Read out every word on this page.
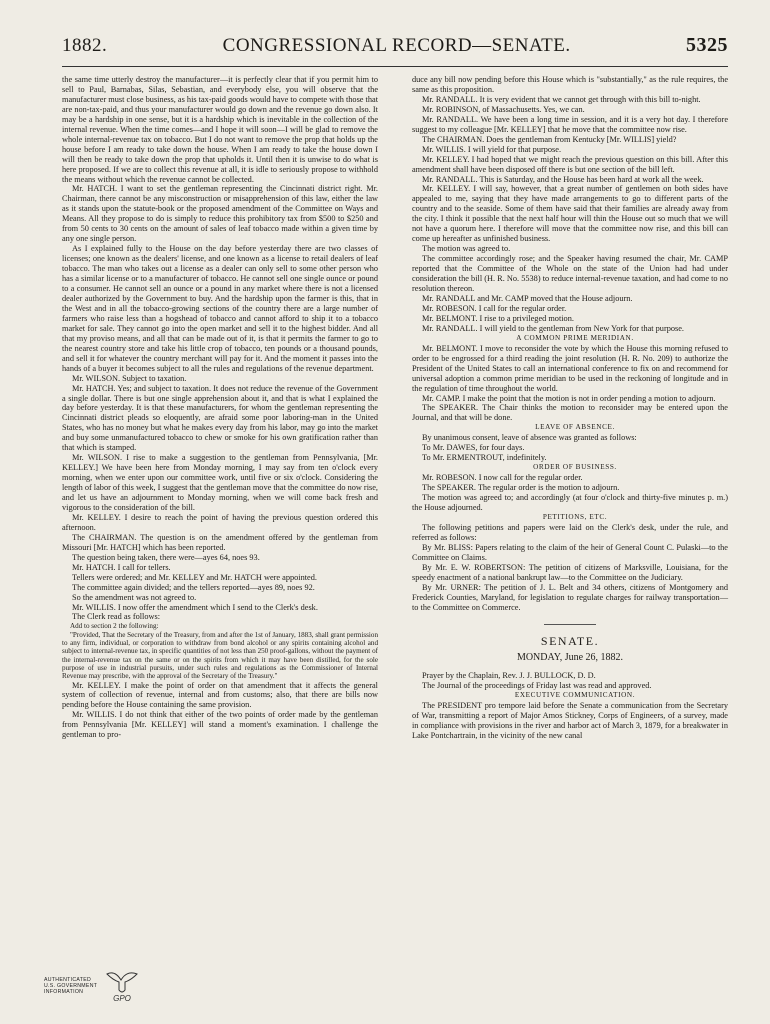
1882.	CONGRESSIONAL RECORD—SENATE.	5325

the same time utterly destroy the manufacturer—it is perfectly clear that if you permit him to sell to Paul, Barnabas, Silas, Sebastian, and everybody else, you will observe that the manufacturer must close business, as his tax-paid goods would have to compete with those that are non-tax-paid, and thus your manufacturer would go down and the revenue go down also. It may be a hardship in one sense, but it is a hardship which is inevitable in the collection of the internal revenue. When the time comes—and I hope it will soon—I will be glad to remove the whole internal-revenue tax on tobacco. But I do not want to remove the prop that holds up the house before I am ready to take down the house. When I am ready to take the house down I will then be ready to take down the prop that upholds it. Until then it is unwise to do what is here proposed. If we are to collect this revenue at all, it is idle to seriously propose to withhold the means without which the revenue cannot be collected.

Mr. HATCH. I want to set the gentleman representing the Cincinnati district right. Mr. Chairman, there cannot be any misconstruction or misapprehension of this law, either the law as it stands upon the statute-book or the proposed amendment of the Committee on Ways and Means. All they propose to do is simply to reduce this prohibitory tax from $500 to $250 and from 50 cents to 30 cents on the amount of sales of leaf tobacco made within a given time by any one single person.

As I explained fully to the House on the day before yesterday there are two classes of licenses; one known as the dealers' license, and one known as a license to retail dealers of leaf tobacco. The man who takes out a license as a dealer can only sell to some other person who has a similar license or to a manufacturer of tobacco. He cannot sell one single ounce or pound to a consumer. He cannot sell an ounce or a pound in any market where there is not a licensed dealer authorized by the Government to buy. And the hardship upon the farmer is this, that in the West and in all the tobacco-growing sections of the country there are a large number of farmers who raise less than a hogshead of tobacco and cannot afford to ship it to a tobacco market for sale. They cannot go into the open market and sell it to the highest bidder. And all that my proviso means, and all that can be made out of it, is that it permits the farmer to go to the nearest country store and take his little crop of tobacco, ten pounds or a thousand pounds, and sell it for whatever the country merchant will pay for it. And the moment it passes into the hands of a buyer it becomes subject to all the rules and regulations of the revenue department.

Mr. WILSON. Subject to taxation.

Mr. HATCH. Yes; and subject to taxation. It does not reduce the revenue of the Government a single dollar. There is but one single apprehension about it, and that is what I explained the day before yesterday. It is that these manufacturers, for whom the gentleman representing the Cincinnati district pleads so eloquently, are afraid some poor laboring-man in the United States, who has no money but what he makes every day from his labor, may go into the market and buy some unmanufactured tobacco to chew or smoke for his own gratification rather than that which is stamped.

Mr. WILSON. I rise to make a suggestion to the gentleman from Pennsylvania, [Mr. KELLEY.] We have been here from Monday morning, I may say from ten o'clock every morning, when we enter upon our committee work, until five or six o'clock. Considering the length of labor of this week, I suggest that the gentleman move that the committee do now rise, and let us have an adjournment to Monday morning, when we will come back fresh and vigorous to the consideration of the bill.

Mr. KELLEY. I desire to reach the point of having the previous question ordered this afternoon.

The CHAIRMAN. The question is on the amendment offered by the gentleman from Missouri [Mr. HATCH] which has been reported.

The question being taken, there were—ayes 64, noes 93.

Mr. HATCH. I call for tellers.

Tellers were ordered; and Mr. KELLEY and Mr. HATCH were appointed.

The committee again divided; and the tellers reported—ayes 89, noes 92.

So the amendment was not agreed to.

Mr. WILLIS. I now offer the amendment which I send to the Clerk's desk.

The Clerk read as follows:

Add to section 2 the following:

"Provided, That the Secretary of the Treasury, from and after the 1st of January, 1883, shall grant permission to any firm, individual, or corporation to withdraw from bond alcohol or any spirits containing alcohol and subject to internal-revenue tax, in specific quantities of not less than 250 proof-gallons, without the payment of the internal-revenue tax on the same or on the spirits from which it may have been distilled, for the sole purpose of use in industrial pursuits, under such rules and regulations as the Commissioner of Internal Revenue may prescribe, with the approval of the Secretary of the Treasury."

Mr. KELLEY. I make the point of order on that amendment that it affects the general system of collection of revenue, internal and from customs; also, that there are bills now pending before the House containing the same provision.

Mr. WILLIS. I do not think that either of the two points of order made by the gentleman from Pennsylvania [Mr. KELLEY] will stand a moment's examination. I challenge the gentleman to pro-

duce any bill now pending before this House which is "substantially," as the rule requires, the same as this proposition.

Mr. RANDALL. It is very evident that we cannot get through with this bill to-night.

Mr. ROBINSON, of Massachusetts. Yes, we can.

Mr. RANDALL. We have been a long time in session, and it is a very hot day. I therefore suggest to my colleague [Mr. KELLEY] that he move that the committee now rise.

The CHAIRMAN. Does the gentleman from Kentucky [Mr. WILLIS] yield?

Mr. WILLIS. I will yield for that purpose.

Mr. KELLEY. I had hoped that we might reach the previous question on this bill. After this amendment shall have been disposed off there is but one section of the bill left.

Mr. RANDALL. This is Saturday, and the House has been hard at work all the week.

Mr. KELLEY. I will say, however, that a great number of gentlemen on both sides have appealed to me, saying that they have made arrangements to go to different parts of the country and to the seaside. Some of them have said that their families are already away from the city. I think it possible that the next half hour will thin the House out so much that we will not have a quorum here. I therefore will move that the committee now rise, and this bill can come up hereafter as unfinished business.

The motion was agreed to.

The committee accordingly rose; and the Speaker having resumed the chair, Mr. CAMP reported that the Committee of the Whole on the state of the Union had had under consideration the bill (H. R. No. 5538) to reduce internal-revenue taxation, and had come to no resolution thereon.

Mr. RANDALL and Mr. CAMP moved that the House adjourn.

Mr. ROBESON. I call for the regular order.

Mr. BELMONT. I rise to a privileged motion.

Mr. RANDALL. I will yield to the gentleman from New York for that purpose.

A COMMON PRIME MERIDIAN.

Mr. BELMONT. I move to reconsider the vote by which the House this morning refused to order to be engrossed for a third reading the joint resolution (H. R. No. 209) to authorize the President of the United States to call an international conference to fix on and recommend for universal adoption a common prime meridian to be used in the reckoning of longitude and in the regulation of time throughout the world.

Mr. CAMP. I make the point that the motion is not in order pending a motion to adjourn.

The SPEAKER. The Chair thinks the motion to reconsider may be entered upon the Journal, and that will be done.

LEAVE OF ABSENCE.

By unanimous consent, leave of absence was granted as follows:

To Mr. DAWES, for four days.

To Mr. ERMENTROUT, indefinitely.

ORDER OF BUSINESS.

Mr. ROBESON. I now call for the regular order.

The SPEAKER. The regular order is the motion to adjourn.

The motion was agreed to; and accordingly (at four o'clock and thirty-five minutes p. m.) the House adjourned.

PETITIONS, ETC.

The following petitions and papers were laid on the Clerk's desk, under the rule, and referred as follows:

By Mr. BLISS: Papers relating to the claim of the heir of General Count C. Pulaski—to the Committee on Claims.

By Mr. E. W. ROBERTSON: The petition of citizens of Marksville, Louisiana, for the speedy enactment of a national bankrupt law—to the Committee on the Judiciary.

By Mr. URNER: The petition of J. L. Belt and 34 others, citizens of Montgomery and Frederick Counties, Maryland, for legislation to regulate charges for railway transportation—to the Committee on Commerce.

SENATE.
MONDAY, June 26, 1882.

Prayer by the Chaplain, Rev. J. J. BULLOCK, D. D.

The Journal of the proceedings of Friday last was read and approved.

EXECUTIVE COMMUNICATION.

The PRESIDENT pro tempore laid before the Senate a communication from the Secretary of War, transmitting a report of Major Amos Stickney, Corps of Engineers, of a survey, made in compliance with provisions in the river and harbor act of March 3, 1879, for a breakwater in Lake Pontchartrain, in the vicinity of the new canal

AUTHENTICATED
U.S. GOVERNMENT
INFORMATION
GPO
